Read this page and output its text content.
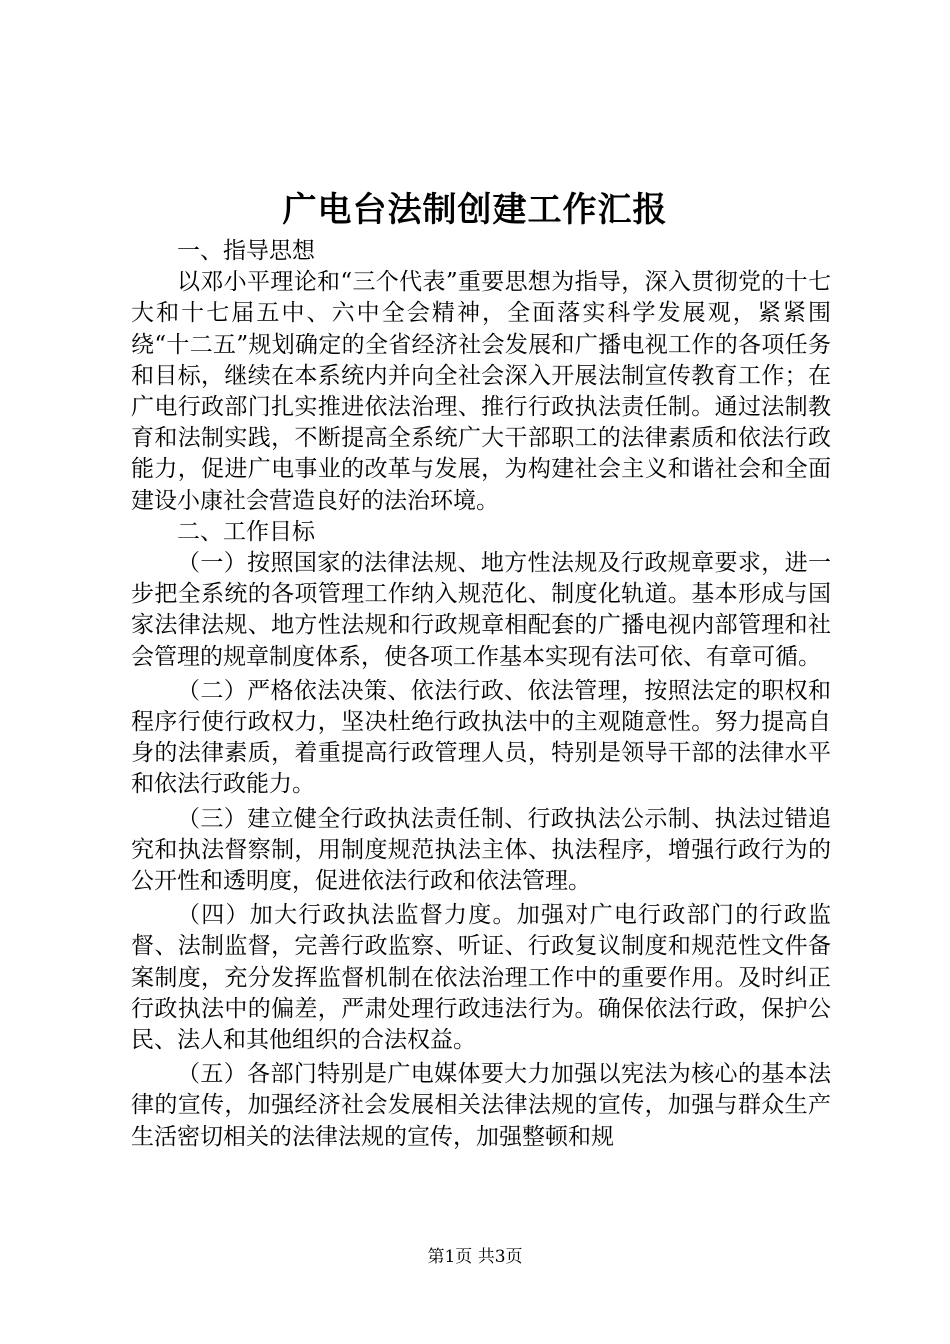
广电台法制创建工作汇报

一、指导思想

以邓小平理论和“三个代表”重要思想为指导，深入贯彻党的十七大和十七届五中、六中全会精神，全面落实科学发展观，紧紧围绕“十二五”规划确定的全省经济社会发展和广播电视工作的各项任务和目标，继续在本系统内并向全社会深入开展法制宣传教育工作；在广电行政部门扎实推进依法治理、推行行政执法责任制。通过法制教育和法制实践，不断提高全系统广大干部职工的法律素质和依法行政能力，促进广电事业的改革与发展，为构建社会主义和谐社会和全面建设小康社会营造良好的法治环境。

二、工作目标

（一）按照国家的法律法规、地方性法规及行政规章要求，进一步把全系统的各项管理工作纳入规范化、制度化轨道。基本形成与国家法律法规、地方性法规和行政规章相配套的广播电视内部管理和社会管理的规章制度体系，使各项工作基本实现有法可依、有章可循。

（二）严格依法决策、依法行政、依法管理，按照法定的职权和程序行使行政权力，坚决杜绝行政执法中的主观随意性。努力提高自身的法律素质，着重提高行政管理人员，特别是领导干部的法律水平和依法行政能力。

（三）建立健全行政执法责任制、行政执法公示制、执法过错追究和执法督察制，用制度规范执法主体、执法程序，增强行政行为的公开性和透明度，促进依法行政和依法管理。

（四）加大行政执法监督力度。加强对广电行政部门的行政监督、法制监督，完善行政监察、听证、行政复议制度和规范性文件备案制度，充分发挥监督机制在依法治理工作中的重要作用。及时纠正行政执法中的偏差，严肃处理行政违法行为。确保依法行政，保护公民、法人和其他组织的合法权益。

（五）各部门特别是广电媒体要大力加强以宪法为核心的基本法律的宣传，加强经济社会发展相关法律法规的宣传，加强与群众生产生活密切相关的法律法规的宣传，加强整顿和规

第1页 共3页
